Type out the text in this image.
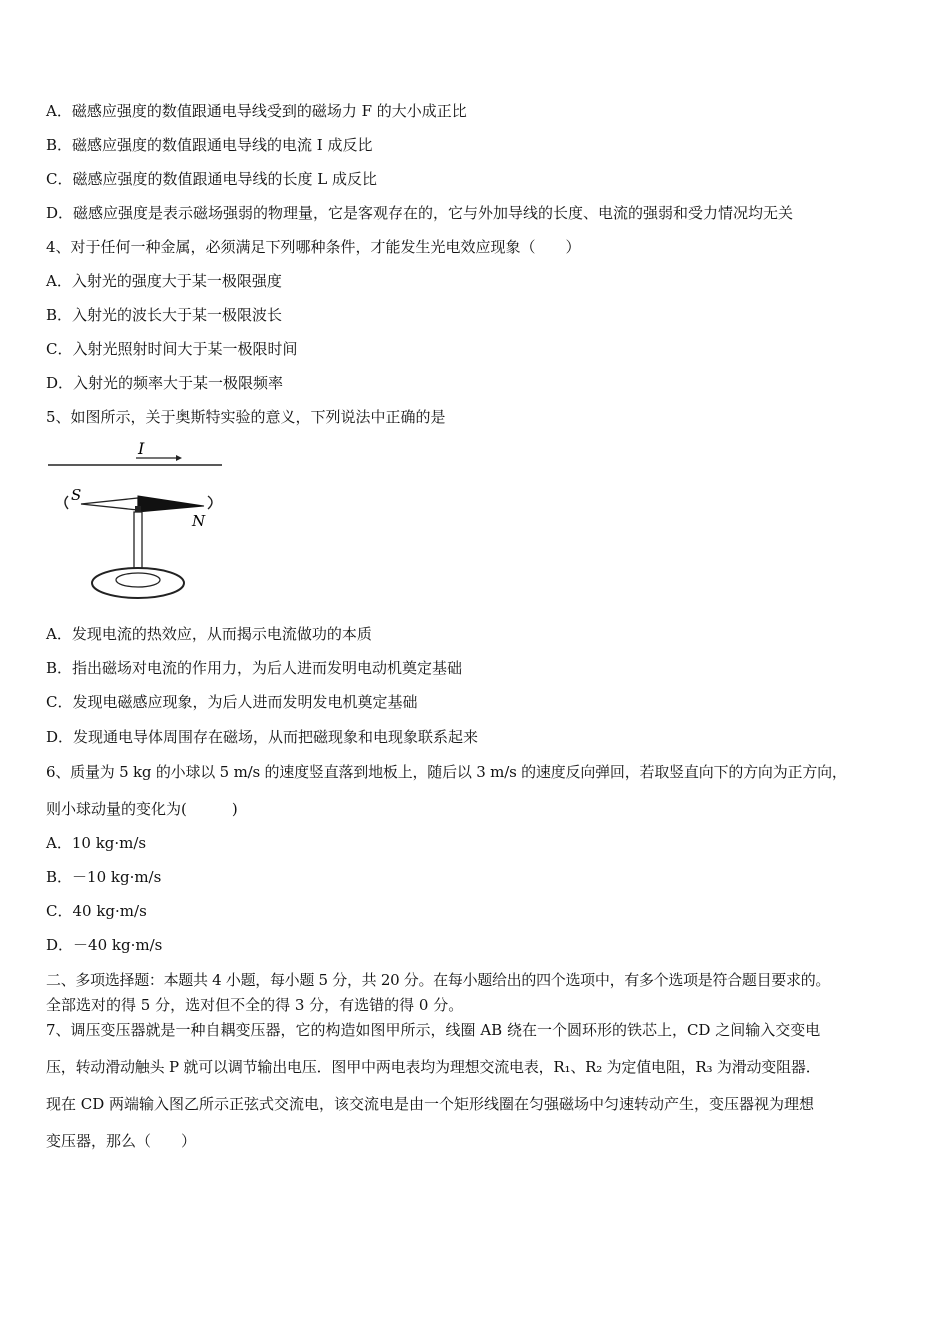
A．磁感应强度的数值跟通电导线受到的磁场力 F 的大小成正比
B．磁感应强度的数值跟通电导线的电流 I 成反比
C．磁感应强度的数值跟通电导线的长度 L 成反比
D．磁感应强度是表示磁场强弱的物理量，它是客观存在的，它与外加导线的长度、电流的强弱和受力情况均无关
4、对于任何一种金属，必须满足下列哪种条件，才能发生光电效应现象（　　）
A．入射光的强度大于某一极限强度
B．入射光的波长大于某一极限波长
C．入射光照射时间大于某一极限时间
D．入射光的频率大于某一极限频率
5、如图所示，关于奥斯特实验的意义，下列说法中正确的是
I
S
N
A．发现电流的热效应，从而揭示电流做功的本质
B．指出磁场对电流的作用力，为后人进而发明电动机奠定基础
C．发现电磁感应现象，为后人进而发明发电机奠定基础
D．发现通电导体周围存在磁场，从而把磁现象和电现象联系起来
6、质量为 5 kg 的小球以 5 m/s 的速度竖直落到地板上，随后以 3 m/s 的速度反向弹回，若取竖直向下的方向为正方向，
则小球动量的变化为(　　　)
A．10 kg·m/s
B．－10 kg·m/s
C．40 kg·m/s
D．－40 kg·m/s
二、多项选择题：本题共 4 小题，每小题 5 分，共 20 分。在每小题给出的四个选项中，有多个选项是符合题目要求的。
全部选对的得 5 分，选对但不全的得 3 分，有选错的得 0 分。
7、调压变压器就是一种自耦变压器，它的构造如图甲所示，线圈 AB 绕在一个圆环形的铁芯上，CD 之间输入交变电
压，转动滑动触头 P 就可以调节输出电压．图甲中两电表均为理想交流电表，R₁、R₂ 为定值电阻，R₃ 为滑动变阻器．
现在 CD 两端输入图乙所示正弦式交流电，该交流电是由一个矩形线圈在匀强磁场中匀速转动产生，变压器视为理想
变压器，那么（　　）
